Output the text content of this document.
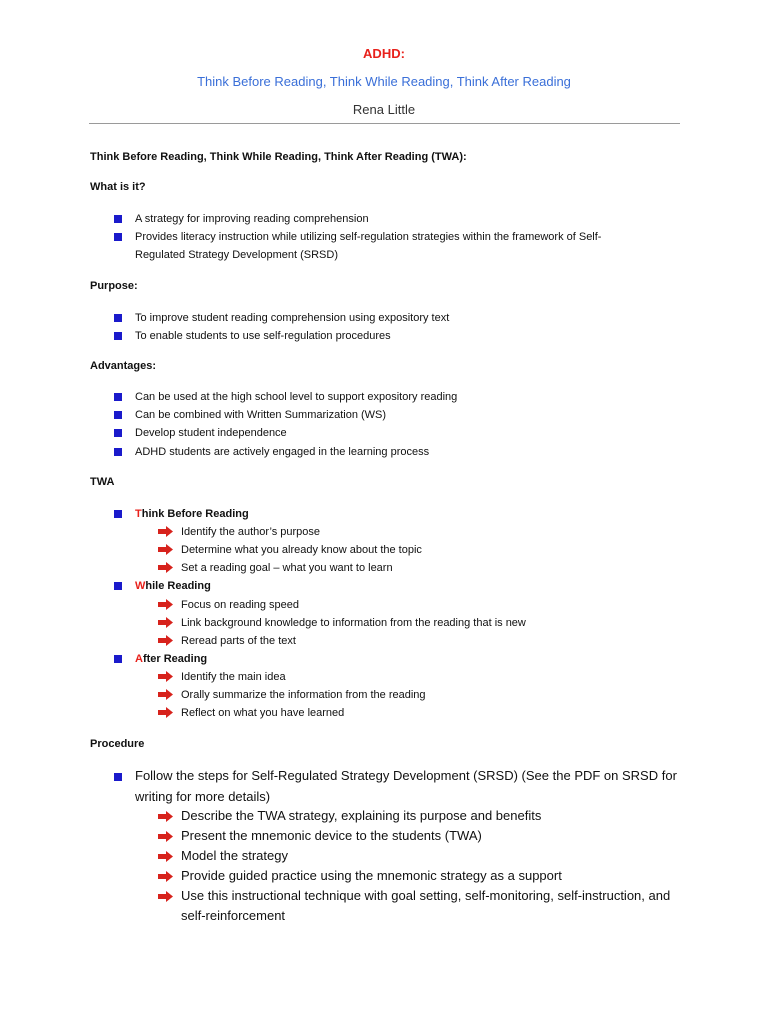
ADHD:
Think Before Reading, Think While Reading, Think After Reading
Rena Little
Think Before Reading, Think While Reading, Think After Reading (TWA):
What is it?
A strategy for improving reading comprehension
Provides literacy instruction while utilizing self-regulation strategies within the framework of Self-
Regulated Strategy Development (SRSD)
Purpose:
To improve student reading comprehension using expository text
To enable students to use self-regulation procedures
Advantages:
Can be used at the high school level to support expository reading
Can be combined with Written Summarization (WS)
Develop student independence
ADHD students are actively engaged in the learning process
TWA
Think Before Reading
Identify the author’s purpose
Determine what you already know about the topic
Set a reading goal – what you want to learn
While Reading
Focus on reading speed
Link background knowledge to information from the reading that is new
Reread parts of the text
After Reading
Identify the main idea
Orally summarize the information from the reading
Reflect on what you have learned
Procedure
Follow the steps for Self-Regulated Strategy Development (SRSD) (See the PDF on SRSD for
writing for more details)
Describe the TWA strategy, explaining its purpose and benefits
Present the mnemonic device to the students (TWA)
Model the strategy
Provide guided practice using the mnemonic strategy as a support
Use this instructional technique with goal setting, self-monitoring, self-instruction, and
self-reinforcement
